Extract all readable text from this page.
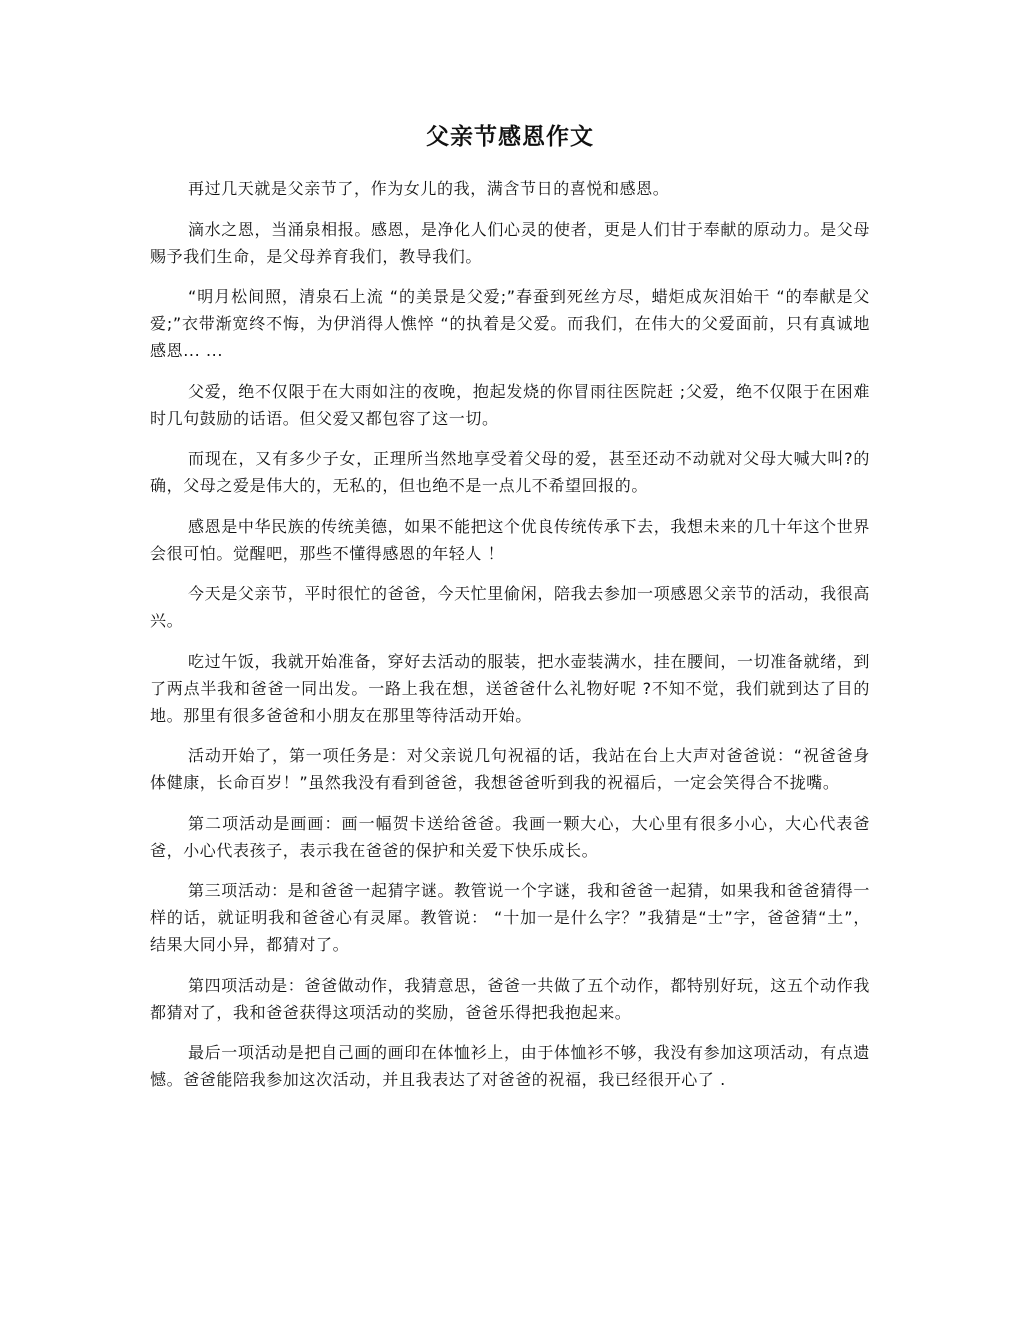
父亲节感恩作文

再过几天就是父亲节了，作为女儿的我，满含节日的喜悦和感恩。

滴水之恩，当涌泉相报。感恩，是净化人们心灵的使者，更是人们甘于奉献的原动力。是父母赐予我们生命，是父母养育我们，教导我们。

“明月松间照，清泉石上流 “的美景是父爱;”春蚕到死丝方尽，蜡炬成灰泪始干 “的奉献是父爱;”衣带渐宽终不悔，为伊消得人憔悴 “的执着是父爱。而我们，在伟大的父爱面前，只有真诚地感恩... ...

父爱，绝不仅限于在大雨如注的夜晚，抱起发烧的你冒雨往医院赶 ;父爱，绝不仅限于在困难时几句鼓励的话语。但父爱又都包容了这一切。

而现在，又有多少子女，正理所当然地享受着父母的爱，甚至还动不动就对父母大喊大叫?的确，父母之爱是伟大的，无私的，但也绝不是一点儿不希望回报的。

感恩是中华民族的传统美德，如果不能把这个优良传统传承下去，我想未来的几十年这个世界会很可怕。觉醒吧，那些不懂得感恩的年轻人 ！

今天是父亲节，平时很忙的爸爸，今天忙里偷闲，陪我去参加一项感恩父亲节的活动，我很高兴。

吃过午饭，我就开始准备，穿好去活动的服装，把水壶装满水，挂在腰间，一切准备就绪，到了两点半我和爸爸一同出发。一路上我在想，送爸爸什么礼物好呢 ?不知不觉，我们就到达了目的地。那里有很多爸爸和小朋友在那里等待活动开始。

活动开始了，第一项任务是：对父亲说几句祝福的话，我站在台上大声对爸爸说：“祝爸爸身体健康，长命百岁！”虽然我没有看到爸爸，我想爸爸听到我的祝福后，一定会笑得合不拢嘴。

第二项活动是画画：画一幅贺卡送给爸爸。我画一颗大心，大心里有很多小心，大心代表爸爸，小心代表孩子，表示我在爸爸的保护和关爱下快乐成长。

第三项活动：是和爸爸一起猜字谜。教管说一个字谜，我和爸爸一起猜，如果我和爸爸猜得一样的话，就证明我和爸爸心有灵犀。教管说： “十加一是什么字？”我猜是“士”字，爸爸猜“土”，结果大同小异，都猜对了。

第四项活动是：爸爸做动作，我猜意思，爸爸一共做了五个动作，都特别好玩，这五个动作我都猜对了，我和爸爸获得这项活动的奖励，爸爸乐得把我抱起来。

最后一项活动是把自己画的画印在体恤衫上，由于体恤衫不够，我没有参加这项活动，有点遗憾。爸爸能陪我参加这次活动，并且我表达了对爸爸的祝福，我已经很开心了 .
